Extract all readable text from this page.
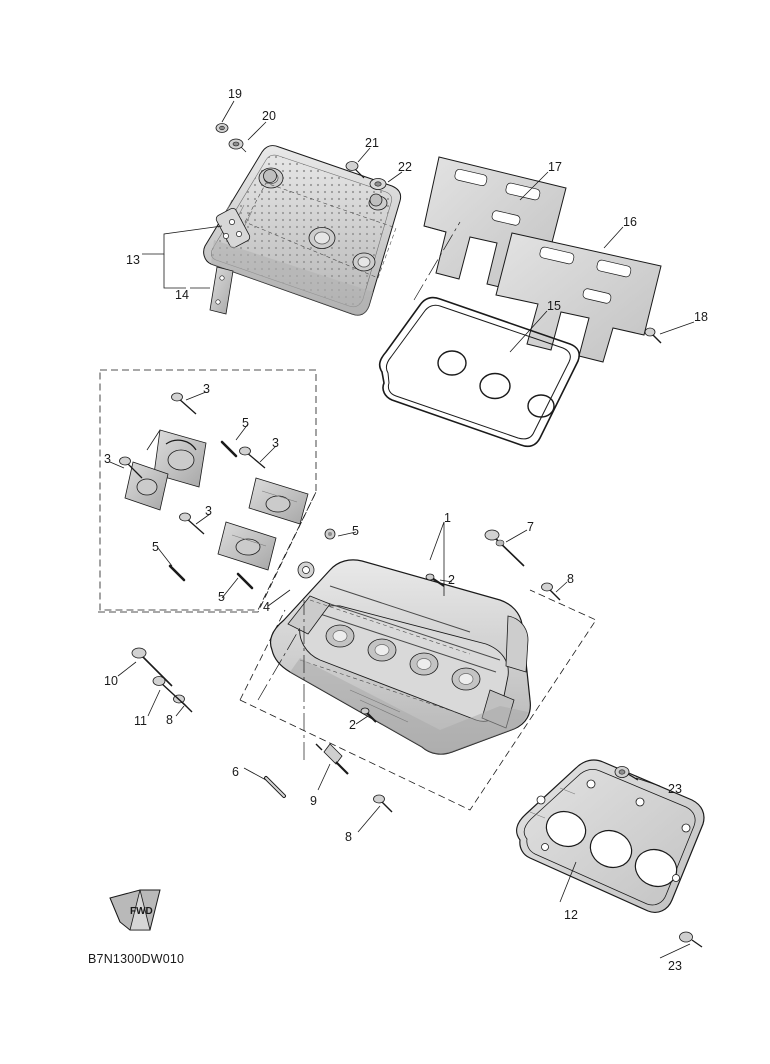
19
20
21
22	17
16
13
14
15
18
3
5
3
3
3
5
1
5	7
5
4
2	8
10
11 8	2
6
9
23
8
12
23
FWD
B7N1300DW010
